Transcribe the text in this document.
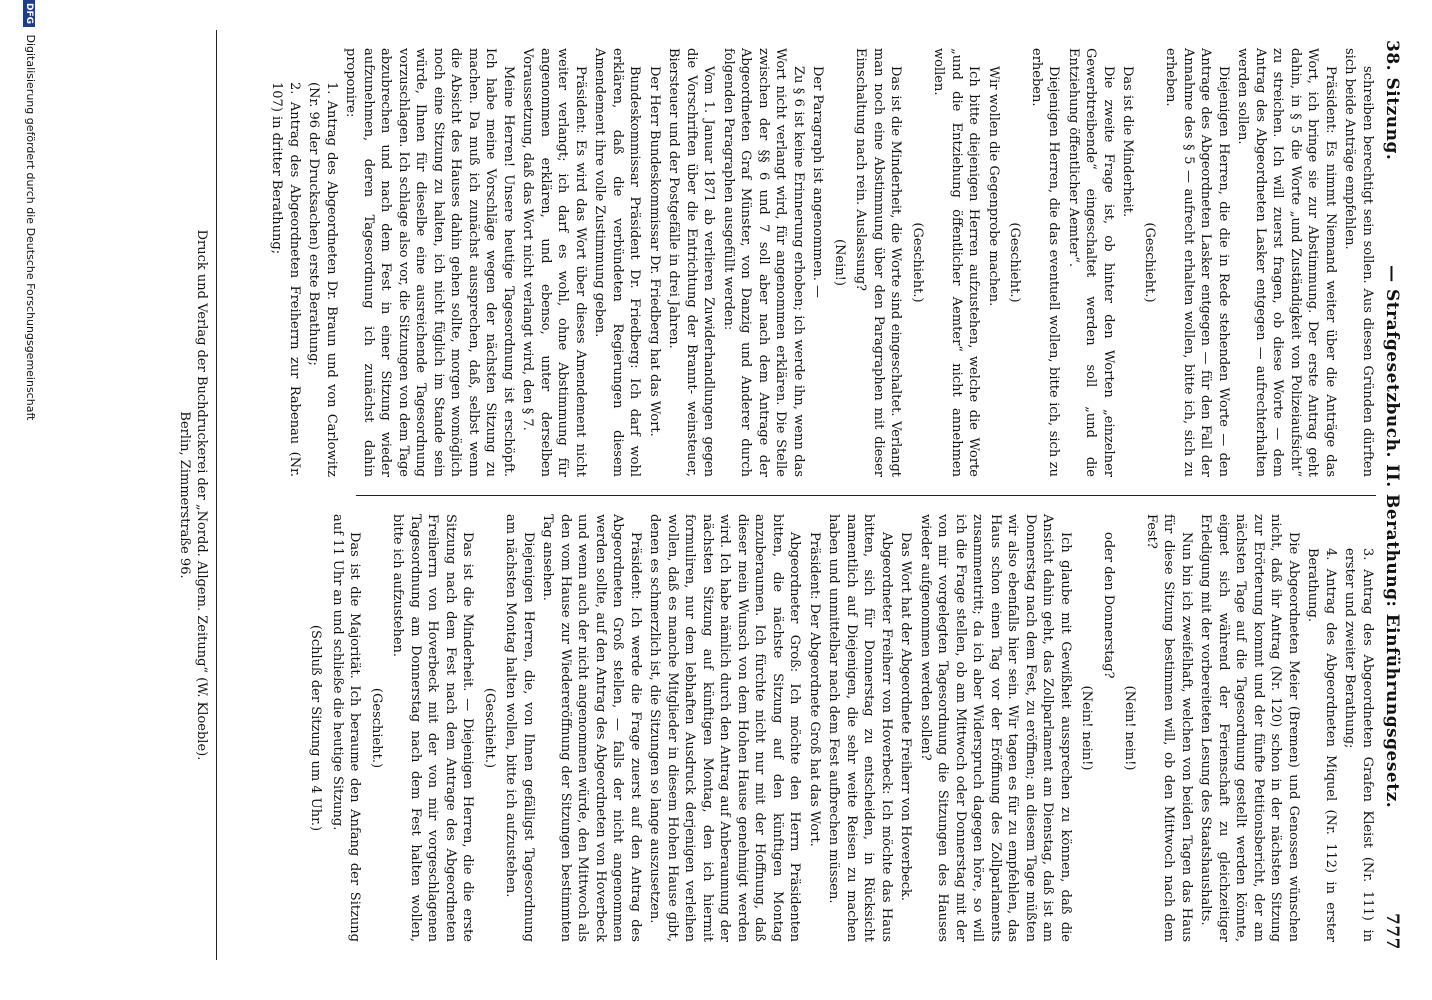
38. Sitzung.
— Strafgesetzbuch. II. Berathung: Einführungsgesetz.
777

schreiben berechtigt sein sollen. Aus diesen Gründen dürften sich beide Anträge empfehlen.

Präsident: Es nimmt Niemand weiter über die Anträge das Wort, ich bringe sie zur Abstimmung. Der erste Antrag geht dahin, in § 5 die Worte „und Zuständigkeit von Polizeiaufsicht“ zu streichen. Ich will zuerst fragen, ob diese Worte — dem Antrag des Abgeordneten Lasker entgegen — aufrechterhalten werden sollen.

Diejenigen Herren, die die in Rede stehenden Worte — den Antrage des Abgeordneten Lasker entgegen — für den Fall der Annahme des § 5 — aufrecht erhalten wollen, bitte ich, sich zu erheben.

(Geschieht.)

Das ist die Minderheit.

Die zweite Frage ist, ob hinter den Worten „einzelner Gewerbtreibende“ eingeschaltet werden soll „und die Entziehung öffentlicher Aemter“.

Diejenigen Herren, die das eventuell wollen, bitte ich, sich zu erheben.

(Geschieht.)

Wir wollen die Gegenprobe machen.

Ich bitte diejenigen Herren aufzustehen, welche die Worte „und die Entziehung öffentlicher Aemter“ nicht annehmen wollen.

(Geschieht.)

Das ist die Minderheit, die Worte sind eingeschaltet. Verlangt man noch eine Abstimmung über den Paragraphen mit dieser Einschaltung nach rein. Auslassung?

(Nein!)

Der Paragraph ist angenommen. —

Zu § 6 ist keine Erinnerung erhoben; ich werde ihn, wenn das Wort nicht verlangt wird, für angenommen erklären. Die Stelle zwischen der §§ 6 und 7 soll aber nach dem Antrage der Abgeordneten Graf Münster, von Danzig und Anderer durch folgenden Paragraphen ausgefüllt werden:

Vom 1. Januar 1871 ab verlieren Zuwiderhandlungen gegen die Vorschriften über die Entrichtung der Brannt- weinsteuer, Biersteuer und der Postgefälle in drei Jahren.

Der Herr Bundeskommissar Dr. Friedberg hat das Wort.

Bundeskommissar Präsident Dr. Friedberg: Ich darf wohl erklären, daß die verbündeten Regierungen diesem Amendement ihre volle Zustimmung geben.

Präsident: Es wird das Wort über dieses Amendement nicht weiter verlangt; ich darf es wohl, ohne Abstimmung für angenommen erklären, und ebenso, unter derselben Voraussetzung, daß das Wort nicht verlangt wird, den § 7.

Meine Herren! Unsere heutige Tagesordnung ist erschöpft. Ich habe meine Vorschläge wegen der nächsten Sitzung zu machen. Da muß ich zunächst aussprechen, daß, selbst wenn die Absicht des Hauses dahin gehen sollte, morgen womöglich noch eine Sitzung zu halten, ich nicht füglich im Stande sein würde, Ihnen für dieselbe eine ausreichende Tagesordnung vorzuschlagen. Ich schlage also vor, die Sitzungen von dem Tage abzubrechen und nach dem Fest in einer Sitzung wieder aufzunehmen, deren Tagesordnung ich zunächst dahin proponire:

1. Antrag des Abgeordneten Dr. Braun und von Carlowitz (Nr. 96 der Drucksachen) erste Berathung;

2. Antrag des Abgeordneten Freiherrn zur Rabenau (Nr. 107) in dritter Berathung;

3. Antrag des Abgeordneten Grafen Kleist (Nr. 111) in erster und zweiter Berathung;

4. Antrag des Abgeordneten Miquel (Nr. 112) in erster Berathung.

Die Abgeordneten Meier (Bremen) und Genossen wünschen nicht, daß ihr Antrag (Nr. 120) schon in der nächsten Sitzung zur Erörterung kommt und der fünfte Petitionsbericht, der am nächsten Tage auf die Tagesordnung gestellt werden könnte, eignet sich während der Ferienschaft zu gleichzeitiger Erledigung mit der vorbereiteten Lesung des Staatshaushalts.

Nun bin ich zweifelhaft, welchen von beiden Tagen das Haus für diese Sitzung bestimmen will, ob den Mittwoch nach dem Fest?

(Nein! nein!)

oder den Donnerstag?

(Nein! nein!)

Ich glaube mit Gewißheit aussprechen zu können, daß die Ansicht dahin geht, das Zollparlament am Dienstag, daß ist am Donnerstag nach dem Fest, zu eröffnen; an diesem Tage müßten wir also ebenfalls hier sein. Wir tagen es für zu empfehlen, das Haus schon einen Tag vor der Eröffnung des Zollparlaments zusammentritt; da ich aber Widerspruch dagegen höre, so will ich die Frage stellen, ob am Mittwoch oder Donnerstag mit der von mir vorgelegten Tagesordnung die Sitzungen des Hauses wieder aufgenommen werden sollen?

Das Wort hat der Abgeordnete Freiherr von Hoverbeck.

Abgeordneter Freiherr von Hoverbeck: Ich möchte das Haus bitten, sich für Donnerstag zu entscheiden, in Rücksicht namentlich auf Diejenigen, die sehr weite Reisen zu machen haben und unmittelbar nach dem Fest aufbrechen müssen.

Präsident: Der Abgeordnete Groß hat das Wort.

Abgeordneter Groß: Ich möchte den Herrn Präsidenten bitten, die nächste Sitzung auf den künftigen Montag anzuberaumen. Ich fürchte nicht nur mit der Hoffnung, daß dieser mein Wunsch von dem Hohen Hause genehmigt werden wird. Ich habe nämlich durch den Antrag auf Anberaumung der nächsten Sitzung auf künftigen Montag, den ich hiermit formuliren, nur dem lebhaften Ausdruck derjenigen verleihen wollen, daß es manche Mitglieder in diesem Hohen Hause gibt, denen es schmerzlich ist, die Sitzungen so lange auszusetzen.

Präsident: Ich werde die Frage zuerst auf den Antrag des Abgeordneten Groß stellen, — falls der nicht angenommen werden sollte, auf den Antrag des Abgeordneten von Hoverbeck und wenn auch der nicht angenommen würde, den Mittwoch als den vom Hause zur Wiedereröffnung der Sitzungen bestimmten Tag ansehen.

Diejenigen Herren, die, von Ihnen gefälligst Tagesordnung am nächsten Montag halten wollen, bitte ich aufzustehen.

(Geschieht.)

Das ist die Minderheit. — Diejenigen Herren, die die erste Sitzung nach dem Fest nach dem Antrage des Abgeordneten Freiherrn von Hoverbeck mit der von mir vorgeschlagenen Tagesordnung am Donnerstag nach dem Fest halten wollen, bitte ich aufzustehen.

(Geschieht.)

Das ist die Majorität. Ich beraume den Anfang der Sitzung auf 11 Uhr an und schließe die heutige Sitzung.

(Schluß der Sitzung um 4 Uhr.)

Druck und Verlag der Buchdruckerei der „Nordd. Allgem. Zeitung“ (W. Kloeble).
Berlin, Zimmerstraße 96.
DFG Digitalisierung gefördert durch die Deutsche Forschungsgemeinschaft
